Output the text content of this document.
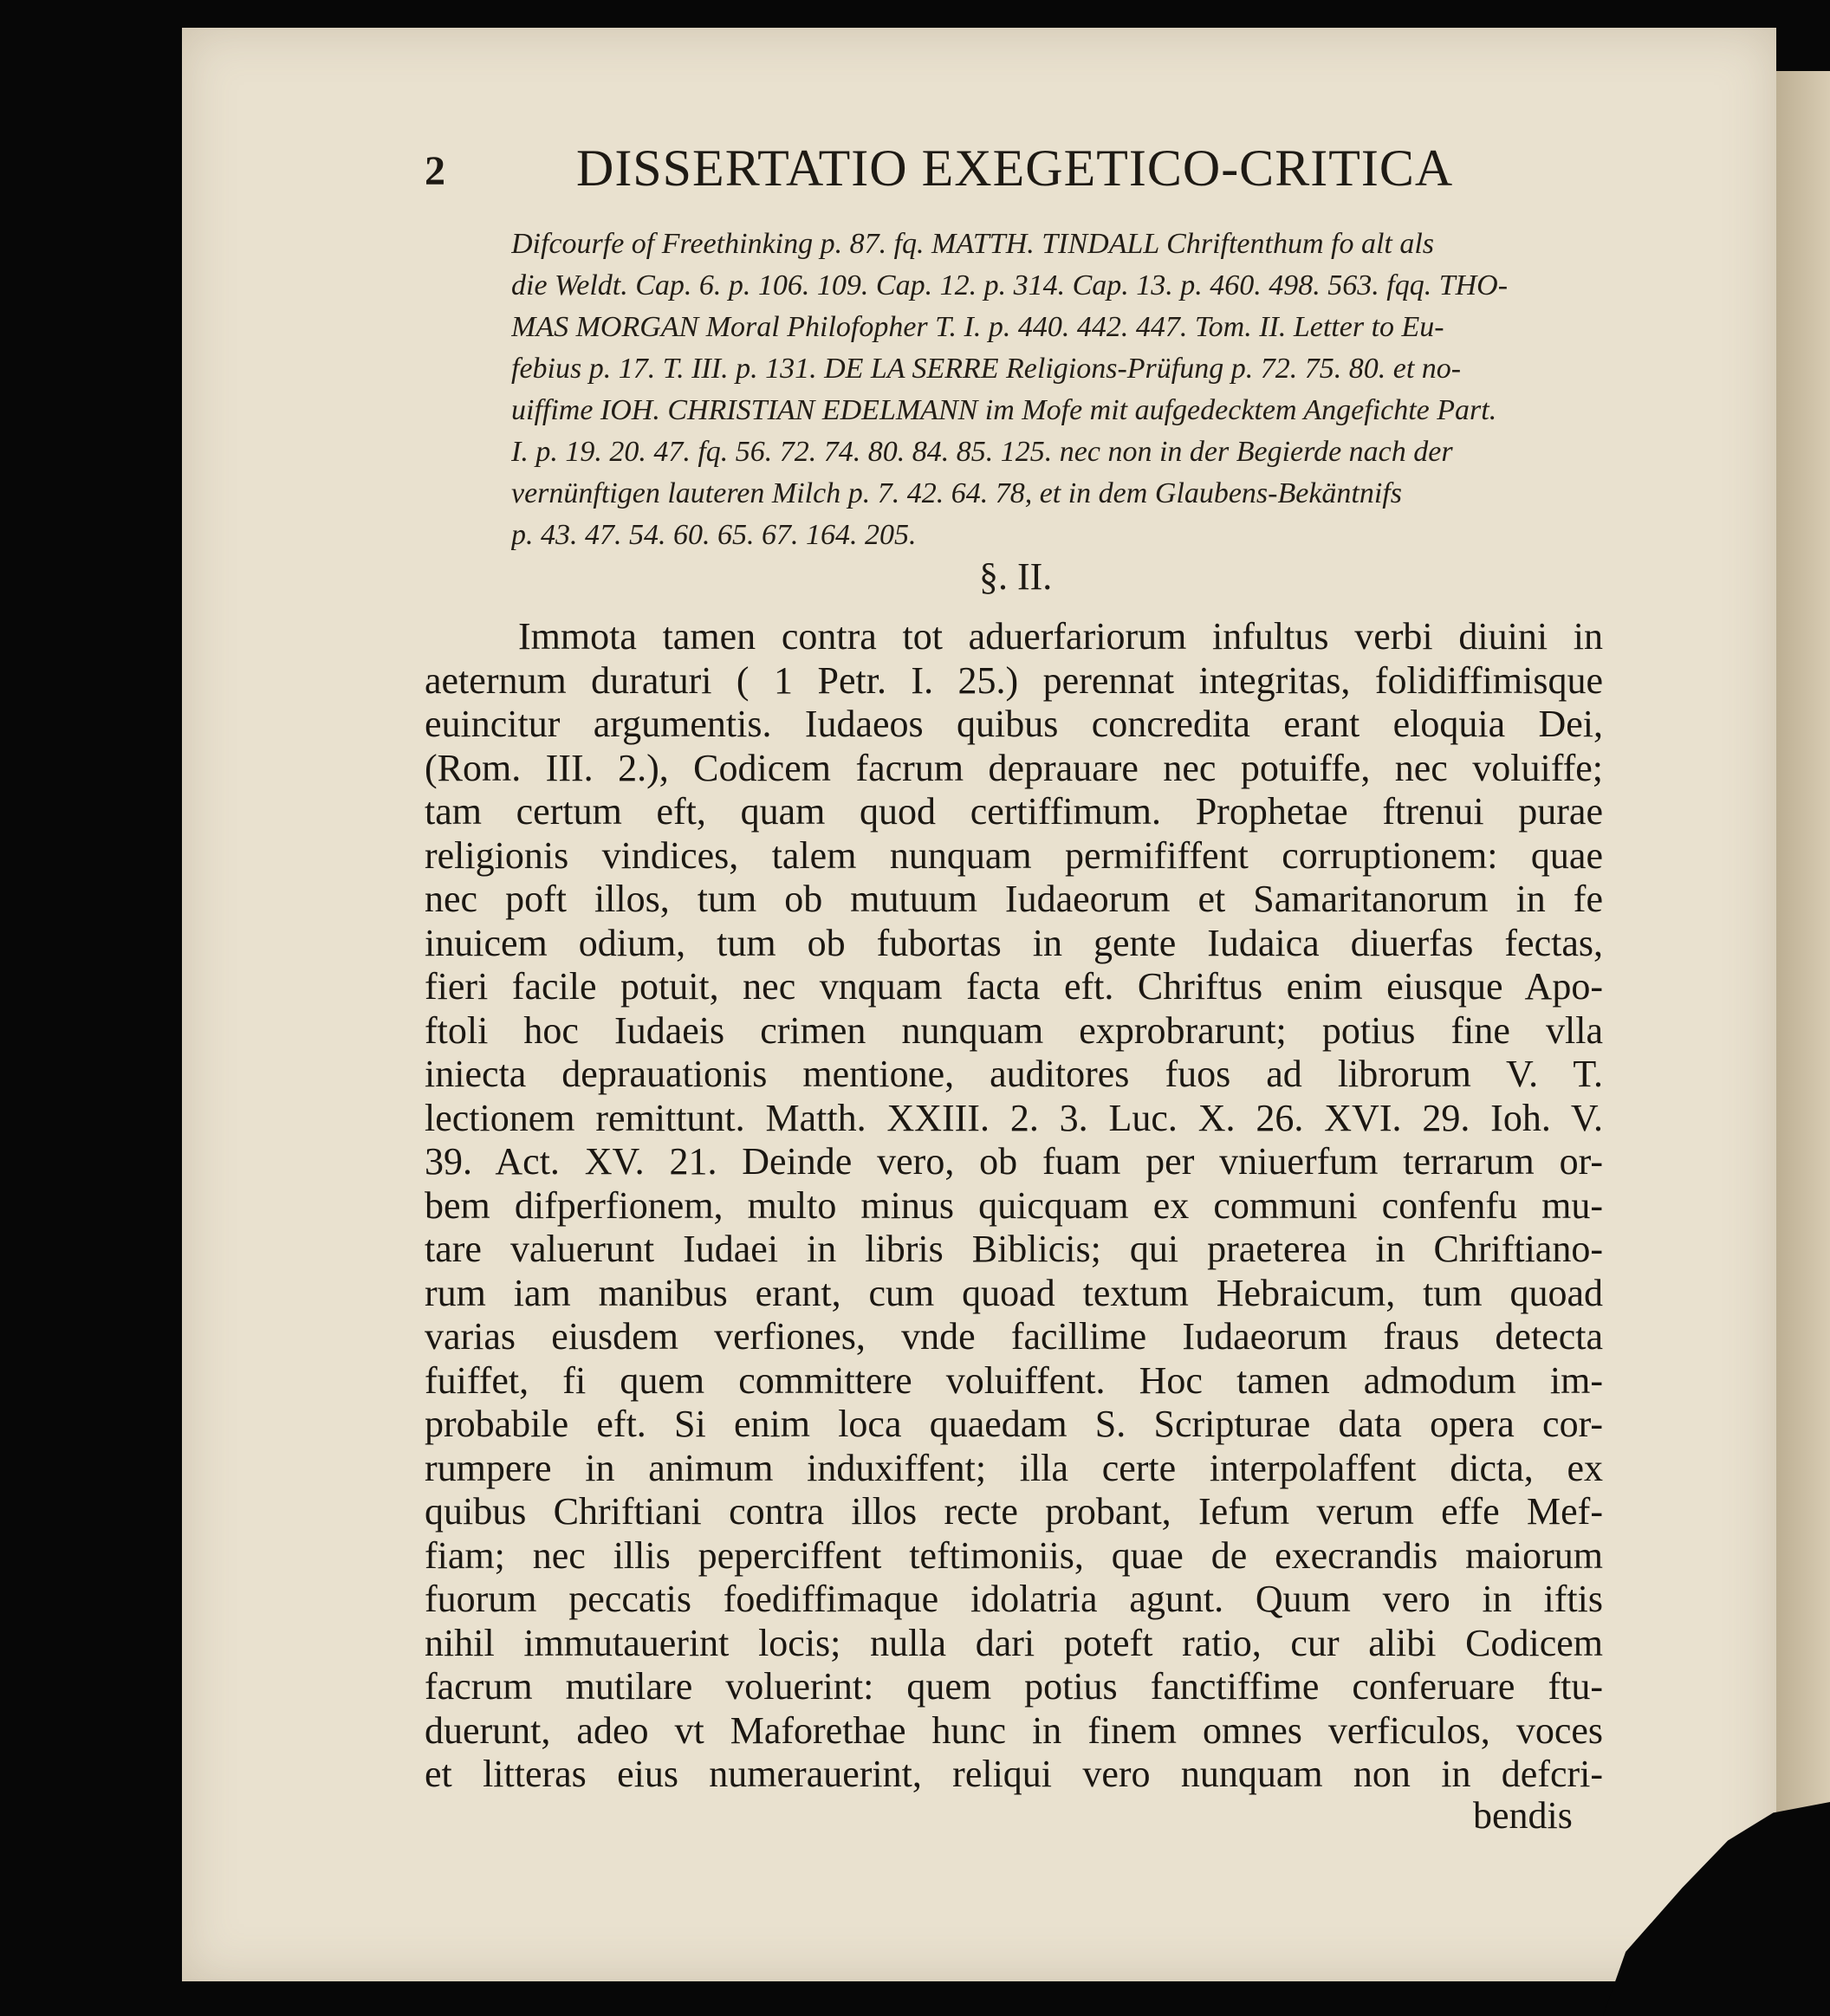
2	DISSERTATIO EXEGETICO-CRITICA
Difcourfe of Freethinking p. 87. fq. MATTH. TINDALL Chriftenthum fo alt als
die Weldt. Cap. 6. p. 106. 109. Cap. 12. p. 314. Cap. 13. p. 460. 498. 563. fqq. THO-
MAS MORGAN Moral Philofopher T. I. p. 440. 442. 447. Tom. II. Letter to Eu-
febius p. 17. T. III. p. 131. DE LA SERRE Religions-Prüfung p. 72. 75. 80. et no-
uiffime IOH. CHRISTIAN EDELMANN im Mofe mit aufgedecktem Angefichte Part.
I. p. 19. 20. 47. fq. 56. 72. 74. 80. 84. 85. 125. nec non in der Begierde nach der
vernünftigen lauteren Milch p. 7. 42. 64. 78, et in dem Glaubens-Bekäntnifs
p. 43. 47. 54. 60. 65. 67. 164. 205.
§. II.
Immota tamen contra tot aduerfariorum infultus verbi diuini in
aeternum duraturi ( 1 Petr. I. 25.) perennat integritas, folidiffimisque
euincitur argumentis. Iudaeos quibus concredita erant eloquia Dei,
(Rom. III. 2.), Codicem facrum deprauare nec potuiffe, nec voluiffe;
tam certum eft, quam quod certiffimum. Prophetae ftrenui purae
religionis vindices, talem nunquam permififfent corruptionem: quae
nec poft illos, tum ob mutuum Iudaeorum et Samaritanorum in fe
inuicem odium, tum ob fubortas in gente Iudaica diuerfas fectas,
fieri facile potuit, nec vnquam facta eft. Chriftus enim eiusque Apo-
ftoli hoc Iudaeis crimen nunquam exprobrarunt; potius fine vlla
iniecta deprauationis mentione, auditores fuos ad librorum V. T.
lectionem remittunt. Matth. XXIII. 2. 3. Luc. X. 26. XVI. 29. Ioh. V.
39. Act. XV. 21. Deinde vero, ob fuam per vniuerfum terrarum or-
bem difperfionem, multo minus quicquam ex communi confenfu mu-
tare valuerunt Iudaei in libris Biblicis; qui praeterea in Chriftiano-
rum iam manibus erant, cum quoad textum Hebraicum, tum quoad
varias eiusdem verfiones, vnde facillime Iudaeorum fraus detecta
fuiffet, fi quem committere voluiffent. Hoc tamen admodum im-
probabile eft. Si enim loca quaedam S. Scripturae data opera cor-
rumpere in animum induxiffent; illa certe interpolaffent dicta, ex
quibus Chriftiani contra illos recte probant, Iefum verum effe Mef-
fiam; nec illis peperciffent teftimoniis, quae de execrandis maiorum
fuorum peccatis foediffimaque idolatria agunt. Quum vero in iftis
nihil immutauerint locis; nulla dari poteft ratio, cur alibi Codicem
facrum mutilare voluerint: quem potius fanctiffime conferuare ftu-
duerunt, adeo vt Maforethae hunc in finem omnes verficulos, voces
et litteras eius numerauerint, reliqui vero nunquam non in defcri-
bendis
